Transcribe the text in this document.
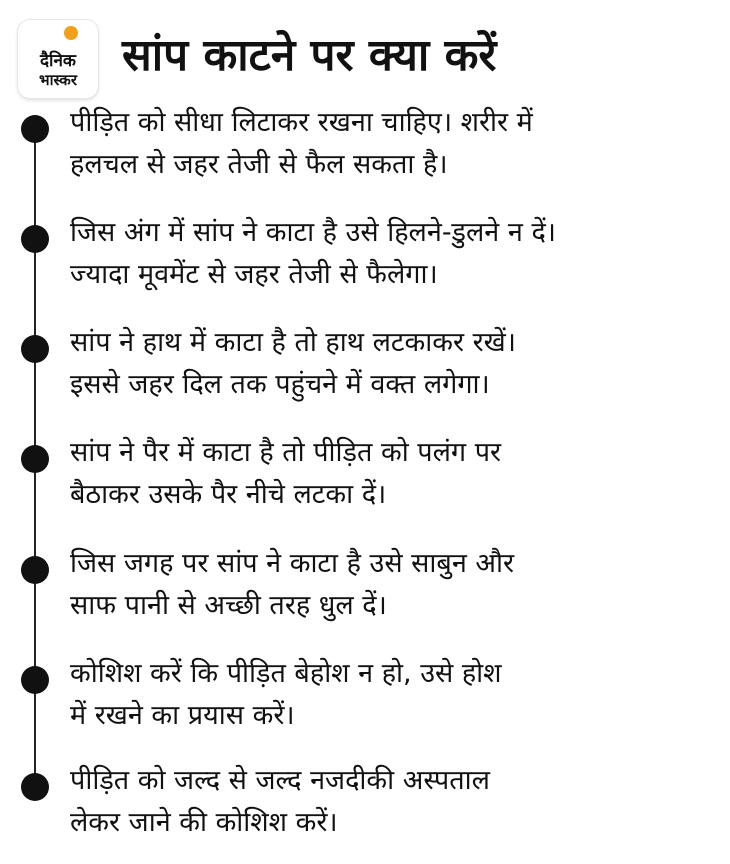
दैनिक
भास्कर	सांप काटने पर क्या करें
पीड़ित को सीधा लिटाकर रखना चाहिए। शरीर में
हलचल से जहर तेजी से फैल सकता है।
जिस अंग में सांप ने काटा है उसे हिलने-डुलने न दें।
ज्यादा मूवमेंट से जहर तेजी से फैलेगा।
सांप ने हाथ में काटा है तो हाथ लटकाकर रखें।
इससे जहर दिल तक पहुंचने में वक्त लगेगा।
सांप ने पैर में काटा है तो पीड़ित को पलंग पर
बैठाकर उसके पैर नीचे लटका दें।
जिस जगह पर सांप ने काटा है उसे साबुन और
साफ पानी से अच्छी तरह धुल दें।
कोशिश करें कि पीड़ित बेहोश न हो, उसे होश
में रखने का प्रयास करें।
पीड़ित को जल्द से जल्द नजदीकी अस्पताल
लेकर जाने की कोशिश करें।
